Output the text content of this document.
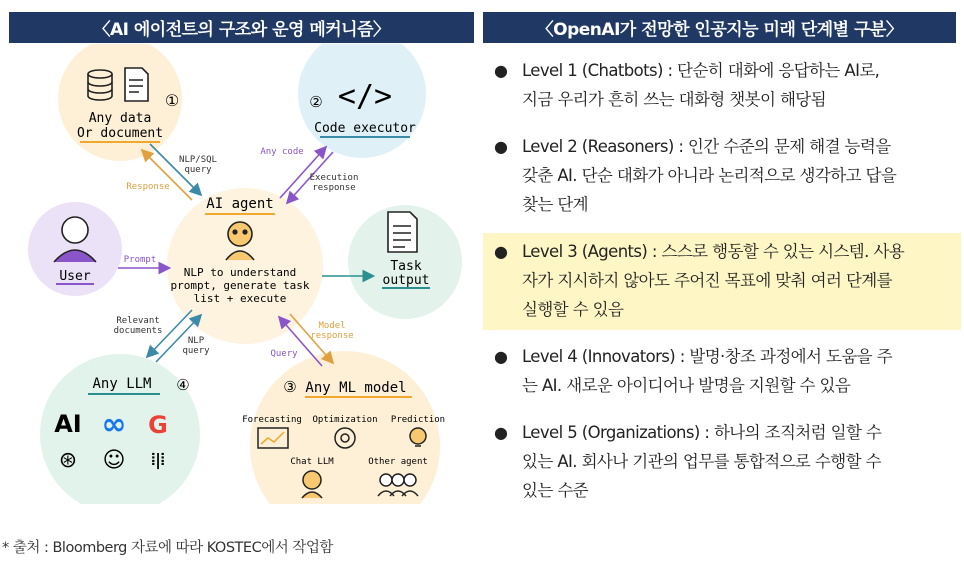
〈AI 에이전트의 구조와 운영 메커니즘〉	〈OpenAI가 전망한 인공지능 미래 단계별 구분〉
①
Any data
Or document
② </>
Code executor
User
Task
output
AI agent
NLP to understand
prompt, generate task
list + execute
NLP/SQL
query
Response
Any code
Execution
response
Prompt
Relevant
documents
NLP
query
Model
response
Query
Any LLM ④
AI ∞ G
⊛ ☺ ⦙|⦙
③ Any ML model
Forecasting Optimization Prediction
Chat LLM	Other agent
● Level 1 (Chatbots) : 단순히 대화에 응답하는 AI로,
지금 우리가 흔히 쓰는 대화형 챗봇이 해당됨
● Level 2 (Reasoners) : 인간 수준의 문제 해결 능력을
갖춘 AI. 단순 대화가 아니라 논리적으로 생각하고 답을
찾는 단계
● Level 3 (Agents) : 스스로 행동할 수 있는 시스템. 사용
자가 지시하지 않아도 주어진 목표에 맞춰 여러 단계를
실행할 수 있음
● Level 4 (Innovators) : 발명·창조 과정에서 도움을 주
는 AI. 새로운 아이디어나 발명을 지원할 수 있음
● Level 5 (Organizations) : 하나의 조직처럼 일할 수
있는 AI. 회사나 기관의 업무를 통합적으로 수행할 수
있는 수준
* 출처 : Bloomberg 자료에 따라 KOSTEC에서 작업함
